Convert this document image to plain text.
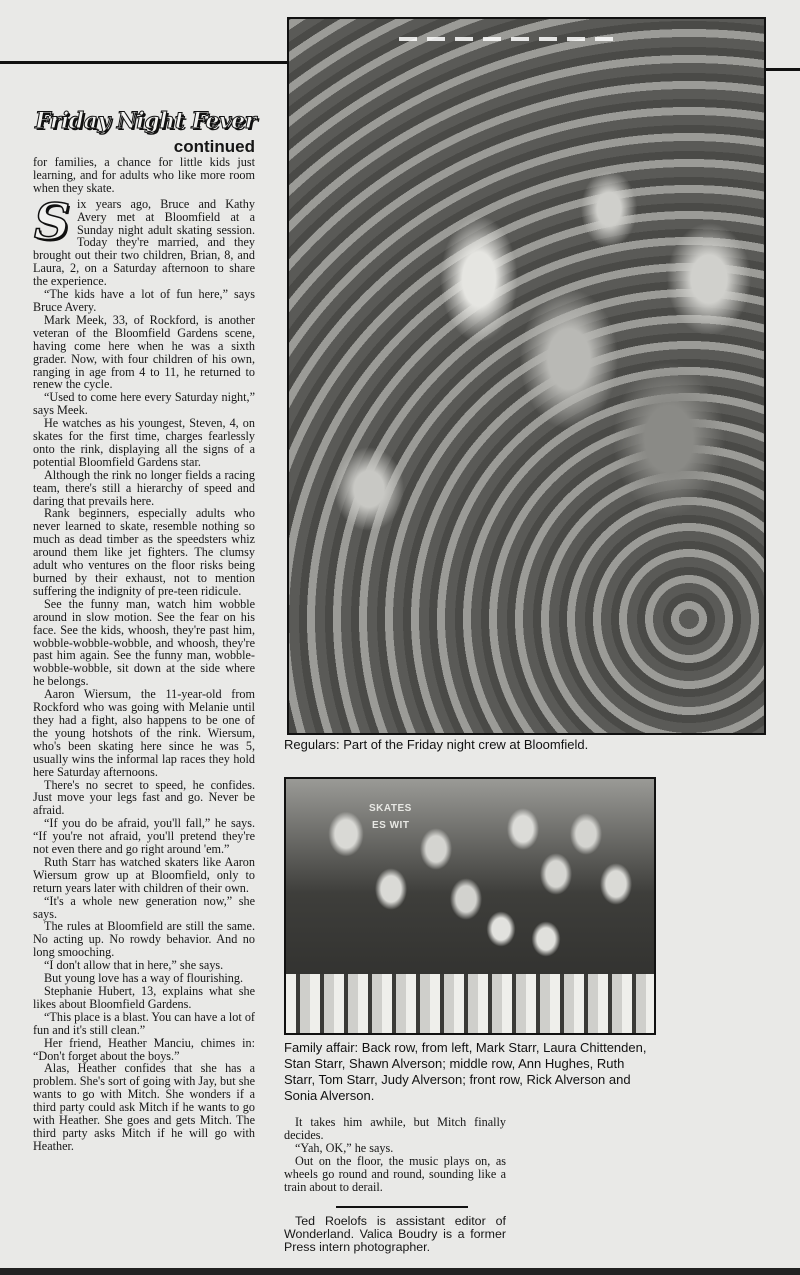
Friday Night Fever
continued

for families, a chance for little kids just learning, and for adults who like more room when they skate.

Six years ago, Bruce and Kathy Avery met at Bloomfield at a Sunday night adult skating session. Today they're married, and they brought out their two children, Brian, 8, and Laura, 2, on a Saturday afternoon to share the experience.

“The kids have a lot of fun here,” says Bruce Avery.

Mark Meek, 33, of Rockford, is another veteran of the Bloomfield Gardens scene, having come here when he was a sixth grader. Now, with four children of his own, ranging in age from 4 to 11, he returned to renew the cycle.

“Used to come here every Saturday night,” says Meek.

He watches as his youngest, Steven, 4, on skates for the first time, charges fearlessly onto the rink, displaying all the signs of a potential Bloomfield Gardens star.

Although the rink no longer fields a racing team, there's still a hierarchy of speed and daring that prevails here.

Rank beginners, especially adults who never learned to skate, resemble nothing so much as dead timber as the speedsters whiz around them like jet fighters. The clumsy adult who ventures on the floor risks being burned by their exhaust, not to mention suffering the indignity of pre-teen ridicule.

See the funny man, watch him wobble around in slow motion. See the fear on his face. See the kids, whoosh, they're past him, wobble-wobble-wobble, and whoosh, they're past him again. See the funny man, wobble-wobble-wobble, sit down at the side where he belongs.

Aaron Wiersum, the 11-year-old from Rockford who was going with Melanie until they had a fight, also happens to be one of the young hotshots of the rink. Wiersum, who's been skating here since he was 5, usually wins the informal lap races they hold here Saturday afternoons.

There's no secret to speed, he confides. Just move your legs fast and go. Never be afraid.

“If you do be afraid, you'll fall,” he says. “If you're not afraid, you'll pretend they're not even there and go right around 'em.”

Ruth Starr has watched skaters like Aaron Wiersum grow up at Bloomfield, only to return years later with children of their own.

“It's a whole new generation now,” she says.

The rules at Bloomfield are still the same. No acting up. No rowdy behavior. And no long smooching.

“I don't allow that in here,” she says.

But young love has a way of flourishing.

Stephanie Hubert, 13, explains what she likes about Bloomfield Gardens.

“This place is a blast. You can have a lot of fun and it's still clean.”

Her friend, Heather Manciu, chimes in: “Don't forget about the boys.”

Alas, Heather confides that she has a problem. She's sort of going with Jay, but she wants to go with Mitch. She wonders if a third party could ask Mitch if he wants to go with Heather. She goes and gets Mitch. The third party asks Mitch if he will go with Heather.

Regulars: Part of the Friday night crew at Bloomfield.
SKATES
ES WIT
Family affair: Back row, from left, Mark Starr, Laura Chittenden, Stan Starr, Shawn Alverson; middle row, Ann Hughes, Ruth Starr, Tom Starr, Judy Alverson; front row, Rick Alverson and Sonia Alverson.

It takes him awhile, but Mitch finally decides.

“Yah, OK,” he says.

Out on the floor, the music plays on, as wheels go round and round, sounding like a train about to derail.

Ted Roelofs is assistant editor of Wonderland. Valica Boudry is a former Press intern photographer.
